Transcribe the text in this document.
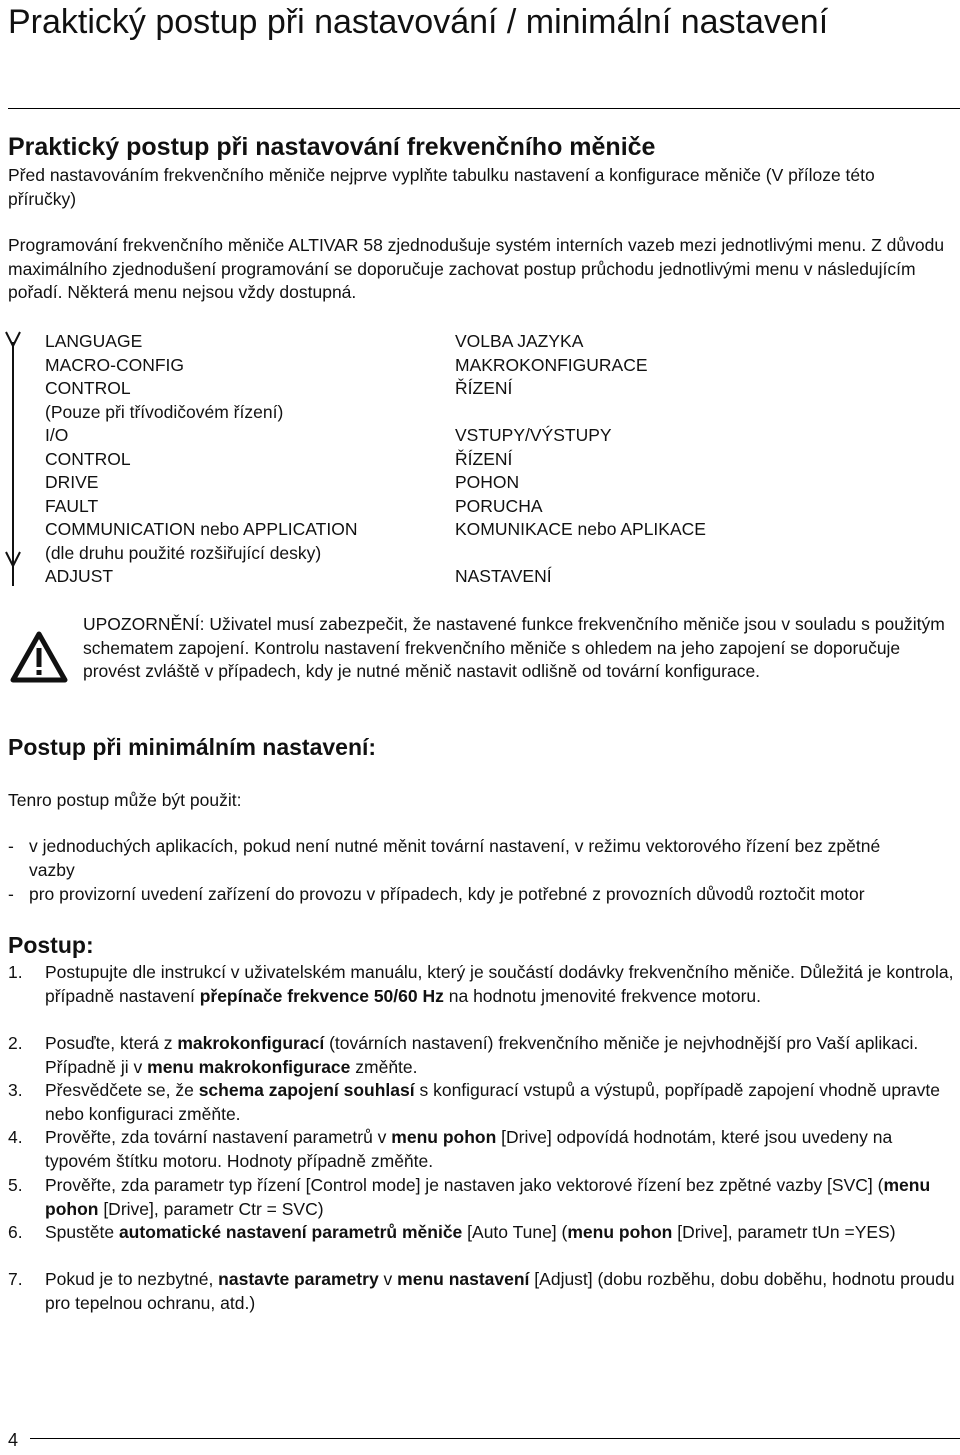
Praktický postup při nastavování / minimální nastavení
Praktický postup při nastavování frekvenčního měniče
Před nastavováním frekvenčního měniče nejprve vyplňte tabulku nastavení a konfigurace měniče (V příloze této příručky)
Programování frekvenčního měniče ALTIVAR 58 zjednodušuje systém interních vazeb mezi jednotlivými menu. Z důvodu maximálního zjednodušení programování se doporučuje zachovat postup průchodu jednotlivými menu v následujícím pořadí. Některá menu nejsou vždy dostupná.
LANGUAGE
MACRO-CONFIG
CONTROL
(Pouze při třívodičovém řízení)
I/O
CONTROL
DRIVE
FAULT
COMMUNICATION nebo APPLICATION
(dle druhu použité rozšiřující desky)
ADJUST
VOLBA JAZYKA
MAKROKONFIGURACE
ŘÍZENÍ
VSTUPY/VÝSTUPY
ŘÍZENÍ
POHON
PORUCHA
KOMUNIKACE nebo APLIKACE
NASTAVENÍ
UPOZORNĚNÍ: Uživatel musí zabezpečit, že nastavené funkce frekvenčního měniče jsou v souladu s použitým schematem zapojení. Kontrolu nastavení frekvenčního měniče s ohledem na jeho zapojení se doporučuje provést zvláště v případech, kdy je nutné měnič nastavit odlišně od tovární konfigurace.
Postup při minimálním nastavení:
Tenro postup může být použit:
- v jednoduchých aplikacích, pokud není nutné měnit tovární nastavení, v režimu vektorového řízení bez zpětné vazby
- pro provizorní uvedení zařízení do provozu v případech, kdy je potřebné z provozních důvodů roztočit motor
Postup:
1. Postupujte dle instrukcí v uživatelském manuálu, který je součástí dodávky frekvenčního měniče. Důležitá je kontrola, případně nastavení přepínače frekvence 50/60 Hz na hodnotu jmenovité frekvence motoru.
2. Posuďte, která z makrokonfigurací (továrních nastavení) frekvenčního měniče je nejvhodnější pro Vaší aplikaci. Případně ji v menu makrokonfigurace změňte.
3. Přesvědčete se, že schema zapojení souhlasí s konfigurací vstupů a výstupů, popřípadě zapojení vhodně upravte nebo konfiguraci změňte.
4. Prověřte, zda tovární nastavení parametrů v menu pohon [Drive] odpovídá hodnotám, které jsou uvedeny na typovém štítku motoru. Hodnoty případně změňte.
5. Prověřte, zda parametr typ řízení [Control mode] je nastaven jako vektorové řízení bez zpětné vazby [SVC] (menu pohon [Drive], parametr Ctr = SVC)
6. Spustěte automatické nastavení parametrů měniče [Auto Tune] (menu pohon [Drive], parametr tUn =YES)
7. Pokud je to nezbytné, nastavte parametry v menu nastavení [Adjust] (dobu rozběhu, dobu doběhu, hodnotu proudu pro tepelnou ochranu, atd.)
4
